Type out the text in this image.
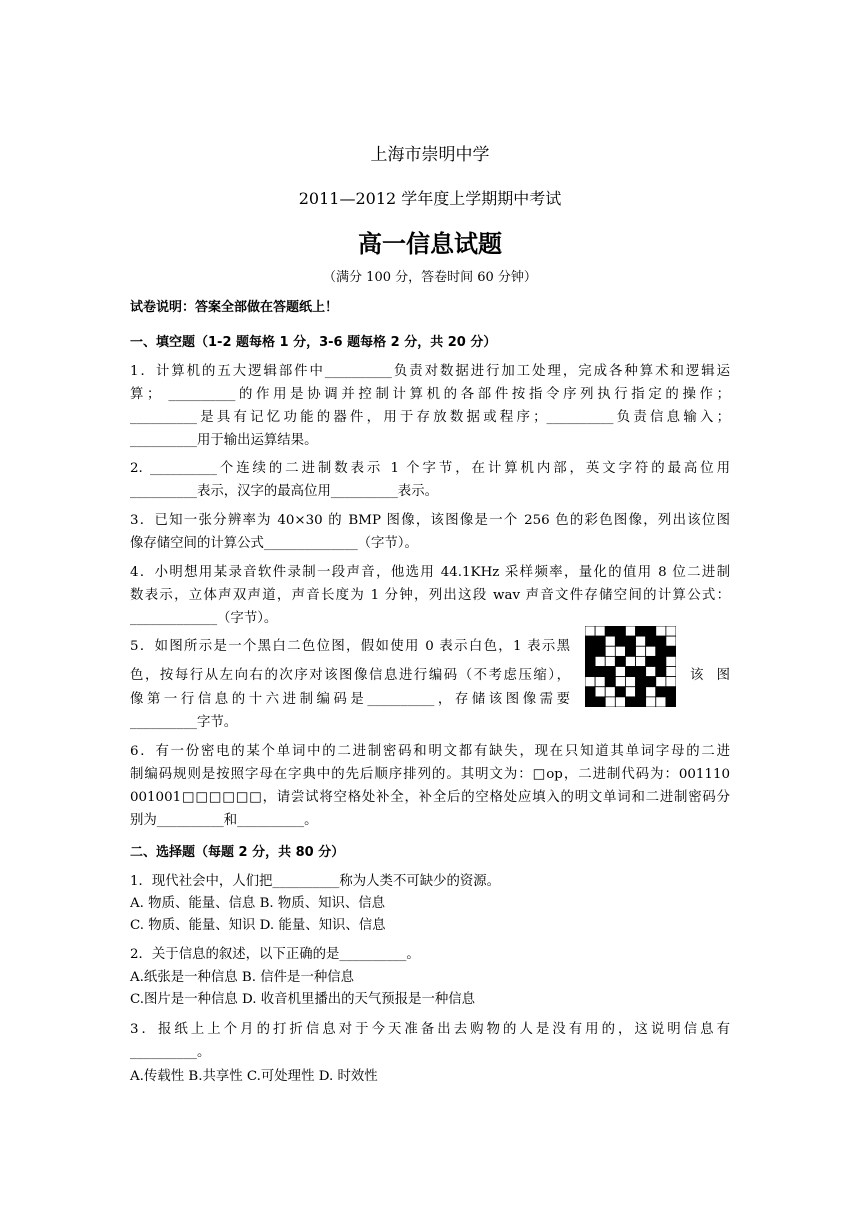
上海市崇明中学
2011—2012 学年度上学期期中考试
高一信息试题
（满分 100 分，答卷时间 60 分钟）
试卷说明：答案全部做在答题纸上！
一、填空题（1-2 题每格 1 分，3-6 题每格 2 分，共 20 分）
1．计算机的五大逻辑部件中__________负责对数据进行加工处理，完成各种算术和逻辑运
算； __________的作用是协调并控制计算机的各部件按指令序列执行指定的操作；
__________是具有记忆功能的器件，用于存放数据或程序；__________负责信息输入；
__________用于输出运算结果。
2. __________个连续的二进制数表示 1 个字节，在计算机内部，英文字符的最高位用
__________表示，汉字的最高位用__________表示。
3．已知一张分辨率为 40×30 的 BMP 图像，该图像是一个 256 色的彩色图像，列出该位图
像存储空间的计算公式______________（字节）。
4．小明想用某录音软件录制一段声音，他选用 44.1KHz 采样频率，量化的值用 8 位二进制
数表示，立体声双声道，声音长度为 1 分钟，列出这段 wav 声音文件存储空间的计算公式：
_____________（字节）。
5．如图所示是一个黑白二色位图，假如使用 0 表示白色，1 表示黑
色，按每行从左向右的次序对该图像信息进行编码（不考虑压缩），	该 图
像第一行信息的十六进制编码是__________，存储该图像需要
__________字节。
6．有一份密电的某个单词中的二进制密码和明文都有缺失，现在只知道其单词字母的二进
制编码规则是按照字母在字典中的先后顺序排列的。其明文为：□op，二进制代码为：001110
001001□□□□□□，请尝试将空格处补全，补全后的空格处应填入的明文单词和二进制密码分
别为__________和__________。
二、选择题（每题 2 分，共 80 分）
1．现代社会中，人们把__________称为人类不可缺少的资源。
A. 物质、能量、信息 B. 物质、知识、信息
C. 物质、能量、知识 D. 能量、知识、信息
2．关于信息的叙述，以下正确的是__________。
A.纸张是一种信息 B. 信件是一种信息
C.图片是一种信息 D. 收音机里播出的天气预报是一种信息
3．报纸上上个月的打折信息对于今天准备出去购物的人是没有用的，这说明信息有
__________。
A.传载性 B.共享性 C.可处理性 D. 时效性
